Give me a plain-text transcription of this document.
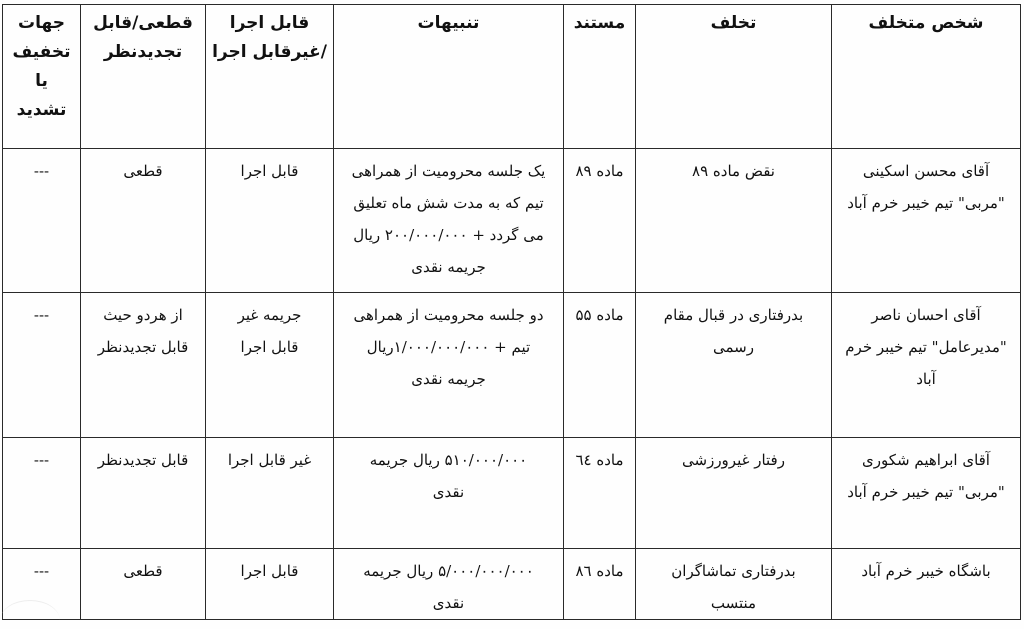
شخص متخلف	تخلف	مستند	تنبیهات	قابل اجرا
/غیرقابل اجرا	قطعی/قابل
تجدیدنظر	جهات
تخفیف
یا
تشدید

آقای محسن اسکینی
"مربی" تیم خیبر خرم آباد	نقض ماده ۸۹	ماده ۸۹	یک جلسه محرومیت از همراهی
تیم که به مدت شش ماه تعلیق
می گردد + ۲۰۰/۰۰۰/۰۰۰ ریال
جریمه نقدی	قابل اجرا	قطعی	---

آقای احسان ناصر
"مدیرعامل" تیم خیبر خرم
آباد	بدرفتاری در قبال مقام
رسمی	ماده ۵۵	دو جلسه محرومیت از همراهی
تیم + ۱/۰۰۰/۰۰۰/۰۰۰ریال
جریمه نقدی	جریمه غیر
قابل اجرا	از هردو حیث
قابل تجدیدنظر	---

آقای ابراهیم شکوری
"مربی" تیم خیبر خرم آباد	رفتار غیرورزشی	ماده ٦٤	۵۱۰/۰۰۰/۰۰۰ ریال جریمه
نقدی	غیر قابل اجرا	قابل تجدیدنظر	---

باشگاه خیبر خرم آباد	بدرفتاری تماشاگران
منتسب	ماده ٨٦	۵/۰۰۰/۰۰۰/۰۰۰ ریال جریمه
نقدی	قابل اجرا	قطعی	---
